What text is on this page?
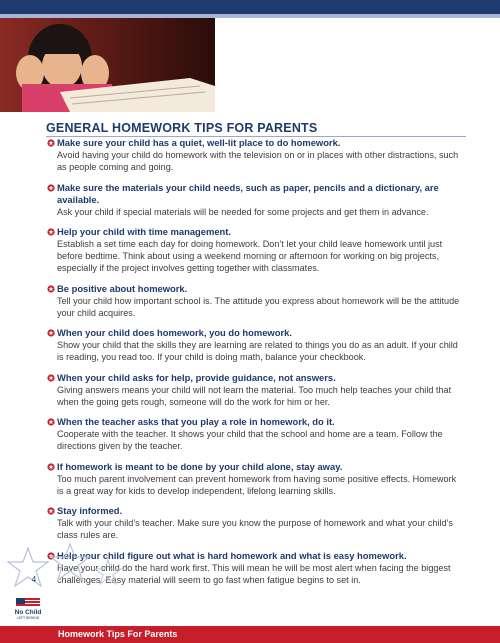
GENERAL HOMEWORK TIPS FOR PARENTS
Make sure your child has a quiet, well-lit place to do homework.
Avoid having your child do homework with the television on or in places with other distractions, such as people coming and going.
Make sure the materials your child needs, such as paper, pencils and a dictionary, are available.
Ask your child if special materials will be needed for some projects and get them in advance.
Help your child with time management.
Establish a set time each day for doing homework. Don’t let your child leave homework until just before bedtime. Think about using a weekend morning or afternoon for working on big projects, especially if the project involves getting together with classmates.
Be positive about homework.
Tell your child how important school is. The attitude you express about homework will be the attitude your child acquires.
When your child does homework, you do homework.
Show your child that the skills they are learning are related to things you do as an adult. If your child is reading, you read too. If your child is doing math, balance your checkbook.
When your child asks for help, provide guidance, not answers.
Giving answers means your child will not learn the material. Too much help teaches your child that when the going gets rough, someone will do the work for him or her.
When the teacher asks that you play a role in homework, do it.
Cooperate with the teacher. It shows your child that the school and home are a team. Follow the directions given by the teacher.
If homework is meant to be done by your child alone, stay away.
Too much parent involvement can prevent homework from having some positive effects. Homework is a great way for kids to develop independent, lifelong learning skills.
Stay informed.
Talk with your child’s teacher. Make sure you know the purpose of homework and what your child’s class rules are.
Help your child figure out what is hard homework and what is easy homework.
Have your child do the hard work first. This will mean he will be most alert when facing the biggest challenges. Easy material will seem to go fast when fatigue begins to set in.
4
No Child
LEFT BEHIND
Homework Tips For Parents
